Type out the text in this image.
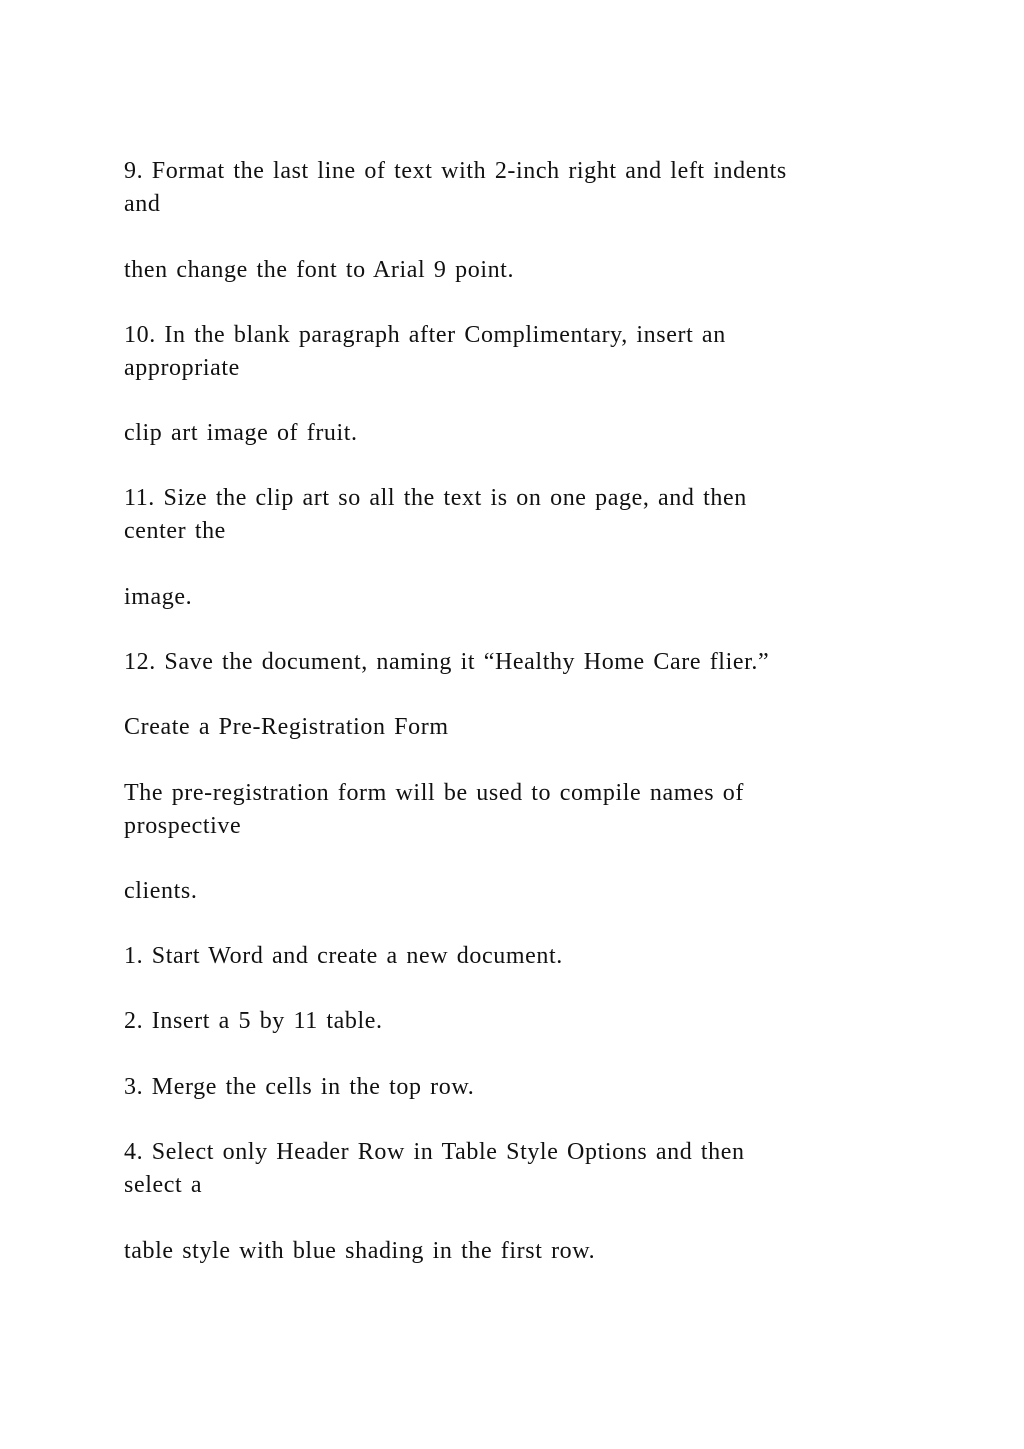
9. Format the last line of text with 2-inch right and left indents
and
then change the font to Arial 9 point.
10. In the blank paragraph after Complimentary, insert an
appropriate
clip art image of fruit.
11. Size the clip art so all the text is on one page, and then
center the
image.
12. Save the document, naming it “Healthy Home Care flier.”
Create a Pre-Registration Form
The pre-registration form will be used to compile names of
prospective
clients.
1. Start Word and create a new document.
2. Insert a 5 by 11 table.
3. Merge the cells in the top row.
4. Select only Header Row in Table Style Options and then
select a
table style with blue shading in the first row.
